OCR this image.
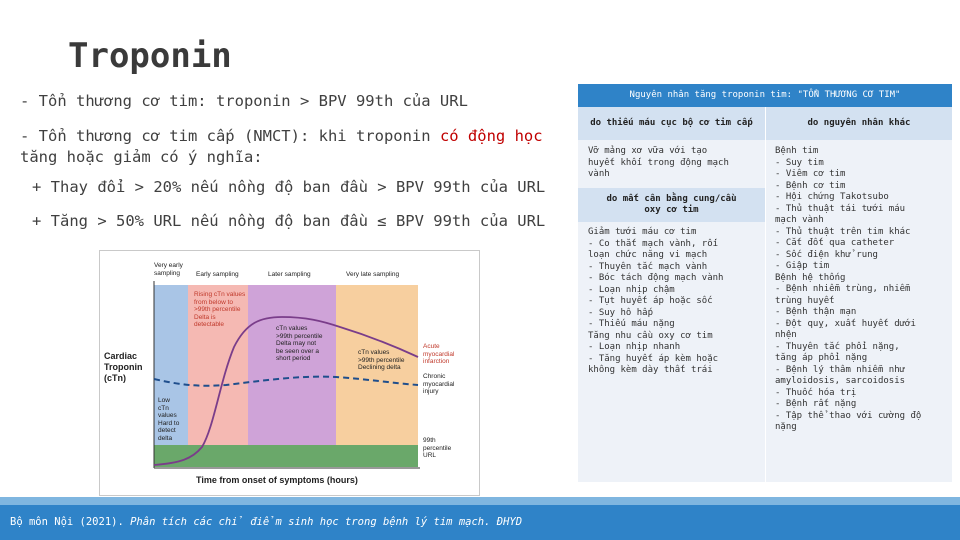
Troponin
- Tổn thương cơ tim: troponin > BPV 99th của URL
- Tổn thương cơ tim cấp (NMCT): khi troponin có động học tăng hoặc giảm có ý nghĩa:
+ Thay đổi > 20% nếu nồng độ ban đầu > BPV 99th của URL
+ Tăng > 50% URL nếu nồng độ ban đầu ≤ BPV 99th của URL
Cardiac
Troponin
(cTn)
Time from onset of symptoms (hours)
Very early
sampling	Early sampling	Later sampling	Very late sampling
Rising cTn values
from below to
>99th percentile
Delta is
detectable
cTn values
>99th percentile
Delta may not
be seen over a
short period
cTn values
>99th percentile
Declining delta
Low
cTn
values
Hard to
detect
delta
Acute
myocardial
infarction
Chronic
myocardial
injury
99th
percentile
URL
Nguyên nhân tăng troponin tim: "TỔN THƯƠNG CƠ TIM"
do thiếu máu cục bộ cơ tim cấp	do nguyên nhân khác
Vỡ mảng xơ vữa với tạo
huyết khối trong động mạch
vành
do mất cân bằng cung/cầu
oxy cơ tim
Giảm tưới máu cơ tim
- Co thắt mạch vành, rối
loạn chức năng vi mạch
- Thuyên tắc mạch vành
- Bóc tách động mạch vành
- Loạn nhịp chậm
- Tụt huyết áp hoặc sốc
- Suy hô hấp
- Thiếu máu nặng
Tăng nhu cầu oxy cơ tim
- Loạn nhịp nhanh
- Tăng huyết áp kèm hoặc
không kèm dày thất trái
Bệnh tim
- Suy tim
- Viêm cơ tim
- Bệnh cơ tim
- Hội chứng Takotsubo
- Thủ thuật tái tưới máu
mạch vành
- Thủ thuật trên tim khác
- Cắt đốt qua catheter
- Sốc điện khử rung
- Giập tim
Bệnh hệ thống
- Bệnh nhiễm trùng, nhiễm
trùng huyết
- Bệnh thận mạn
- Đột quỵ, xuất huyết dưới
nhện
- Thuyên tắc phổi nặng,
tăng áp phổi nặng
- Bệnh lý thâm nhiễm như
amyloidosis, sarcoidosis
- Thuốc hóa trị
- Bệnh rất nặng
- Tập thể thao với cường độ
nặng
Bộ môn Nội (2021). Phân tích các chỉ điểm sinh học trong bệnh lý tim mạch. ĐHYD
